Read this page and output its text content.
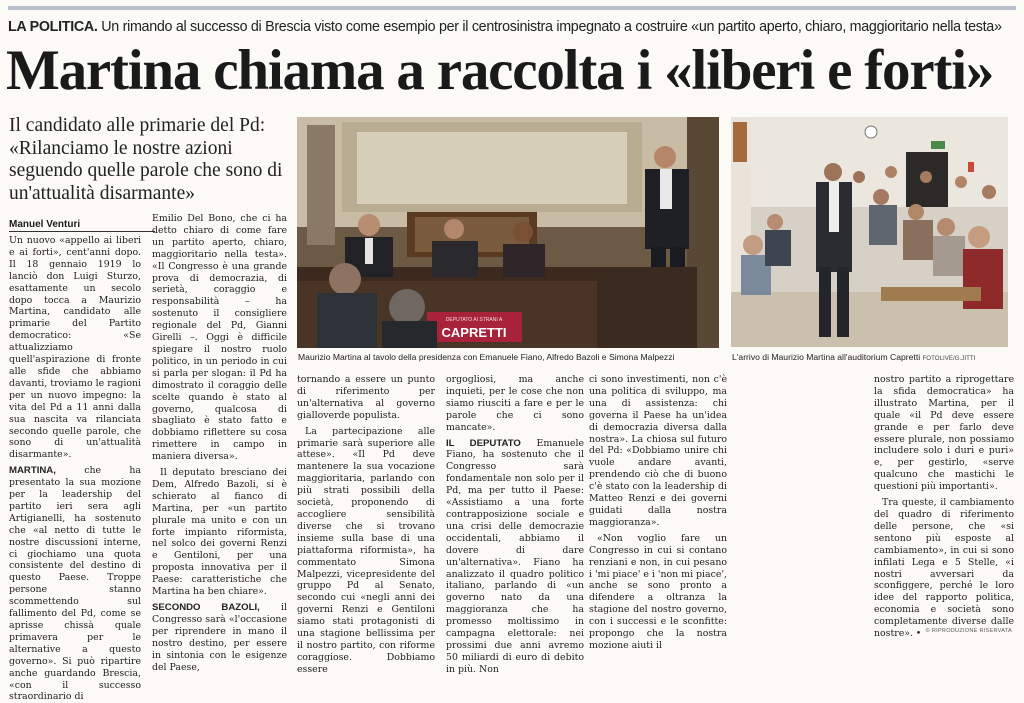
LA POLITICA. Un rimando al successo di Brescia visto come esempio per il centrosinistra impegnato a costruire «un partito aperto, chiaro, maggioritario nella testa»
Martina chiama a raccolta i «liberi e forti»
Il candidato alle primarie del Pd: «Rilanciamo le nostre azioni seguendo quelle parole che sono di un'attualità disarmante»
Manuel Venturi

Un nuovo «appello ai liberi e ai forti», cent'anni dopo. Il 18 gennaio 1919 lo lanciò don Luigi Sturzo, esattamente un secolo dopo tocca a Maurizio Martina, candidato alle primarie del Partito democratico: «Se attualizziamo quell'aspirazione di fronte alle sfide che abbiamo davanti, troviamo le ragioni per un nuovo impegno: la vita del Pd a 11 anni dalla sua nascita va rilanciata secondo quelle parole, che sono di un'attualità disarmante».

MARTINA, che ha presentato la sua mozione per la leadership del partito ieri sera agli Artigianelli, ha sostenuto che «al netto di tutte le nostre discussioni interne, ci giochiamo una quota consistente del destino di questo Paese. Troppe persone stanno scommettendo sul fallimento del Pd, come se aprisse chissà quale primavera per le alternative a questo governo». Si può ripartire anche guardando Brescia, «con il successo straordinario di

Emilio Del Bono, che ci ha detto chiaro di come fare un partito aperto, chiaro, maggioritario nella testa». «Il Congresso è una grande prova di democrazia, di serietà, coraggio e responsabilità – ha sostenuto il consigliere regionale del Pd, Gianni Girelli –. Oggi è difficile spiegare il nostro ruolo politico, in un periodo in cui si parla per slogan: il Pd ha dimostrato il coraggio delle scelte quando è stato al governo, qualcosa di sbagliato è stato fatto e dobbiamo riflettere su cosa rimettere in campo in maniera diversa».

Il deputato bresciano dei Dem, Alfredo Bazoli, si è schierato al fianco di Martina, per «un partito plurale ma unito e con un forte impianto riformista, nel solco dei governi Renzi e Gentiloni, per una proposta innovativa per il Paese: caratteristiche che Martina ha ben chiare».

SECONDO BAZOLI, il Congresso sarà «l'occasione per riprendere in mano il nostro destino, per essere in sintonia con le esigenze del Paese,

DEPUTATO AI STRANI A
CAPRETTI
Maurizio Martina al tavolo della presidenza con Emanuele Fiano, Alfredo Bazoli e Simona Malpezzi	L'arrivo di Maurizio Martina all'auditorium Capretti FOTOLIVE/G.JITTI

tornando a essere un punto di riferimento per un'alternativa al governo gialloverde populista.

La partecipazione alle primarie sarà superiore alle attese». «Il Pd deve mantenere la sua vocazione maggioritaria, parlando con più strati possibili della società, proponendo di accogliere sensibilità diverse che si trovano insieme sulla base di una piattaforma riformista», ha commentato Simona Malpezzi, vicepresidente del gruppo Pd al Senato, secondo cui «negli anni dei governi Renzi e Gentiloni siamo stati protagonisti di una stagione bellissima per il nostro partito, con riforme coraggiose. Dobbiamo essere

orgogliosi, ma anche inquieti, per le cose che non siamo riusciti a fare e per le parole che ci sono mancate».

IL DEPUTATO Emanuele Fiano, ha sostenuto che il Congresso sarà fondamentale non solo per il Pd, ma per tutto il Paese: «Assistiamo a una forte contrapposizione sociale e una crisi delle democrazie occidentali, abbiamo il dovere di dare un'alternativa». Fiano ha analizzato il quadro politico italiano, parlando di «un governo nato da una maggioranza che ha promesso moltissimo in campagna elettorale: nei prossimi due anni avremo 50 miliardi di euro di debito in più. Non

ci sono investimenti, non c'è una politica di sviluppo, ma una di assistenza: chi governa il Paese ha un'idea di democrazia diversa dalla nostra». La chiosa sul futuro del Pd: «Dobbiamo unire chi vuole andare avanti, prendendo ciò che di buono c'è stato con la leadership di Matteo Renzi e dei governi guidati dalla nostra maggioranza».

«Non voglio fare un Congresso in cui si contano renziani e non, in cui pesano i 'mi piace' e i 'non mi piace', anche se sono pronto a difendere a oltranza la stagione del nostro governo, con i successi e le sconfitte: propongo che la nostra mozione aiuti il

nostro partito a riprogettare la sfida democratica» ha illustrato Martina, per il quale «il Pd deve essere grande e per farlo deve essere plurale, non possiamo includere solo i duri e puri» e, per gestirlo, «serve qualcuno che mastichi le questioni più importanti».

Tra queste, il cambiamento del quadro di riferimento delle persone, che «si sentono più esposte al cambiamento», in cui si sono infilati Lega e 5 Stelle, «i nostri avversari da sconfiggere, perché le loro idee del rapporto politica, economia e società sono completamente diverse dalle nostre». • © RIPRODUZIONE RISERVATA
